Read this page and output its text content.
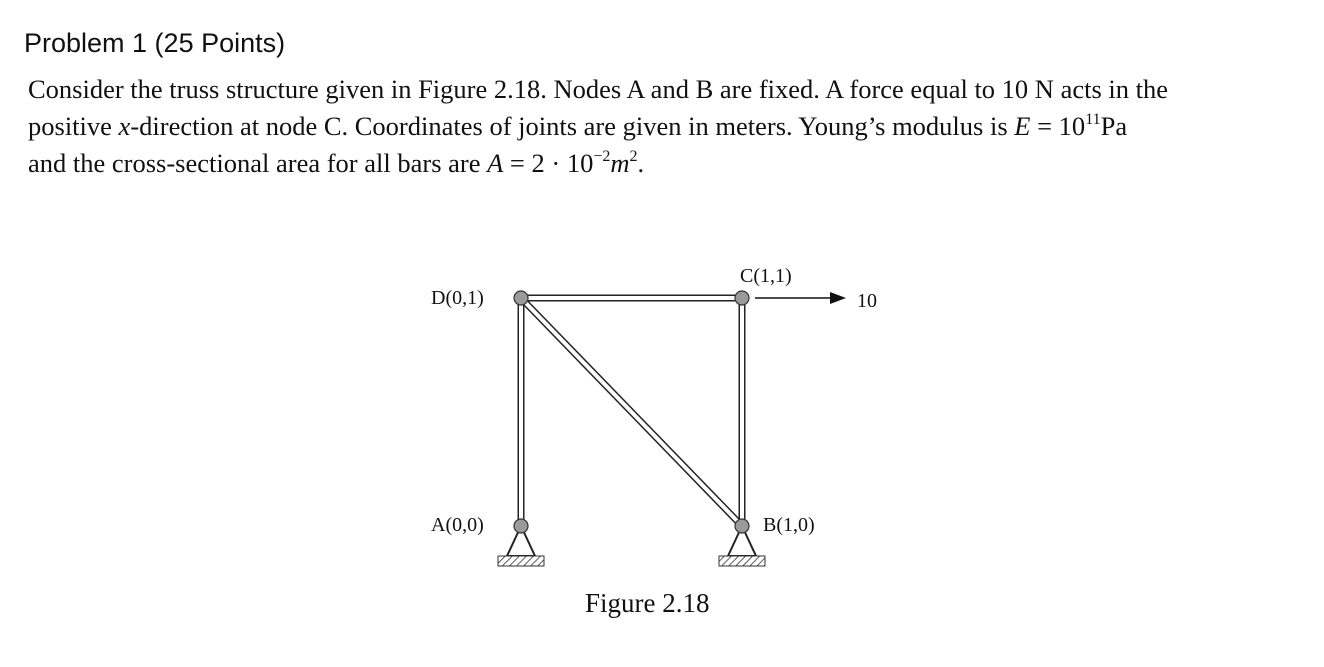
Problem 1 (25 Points)
Consider the truss structure given in Figure 2.18. Nodes A and B are fixed. A force equal to 10 N acts in the
positive x-direction at node C. Coordinates of joints are given in meters. Young’s modulus is $E = 10^{11}Pa$
and the cross-sectional area for all bars are $A = 2 \cdot 10^{-2}m^2$.
D(0,1)
C(1,1)
A(0,0)	B(1,0)
10
Figure 2.18
